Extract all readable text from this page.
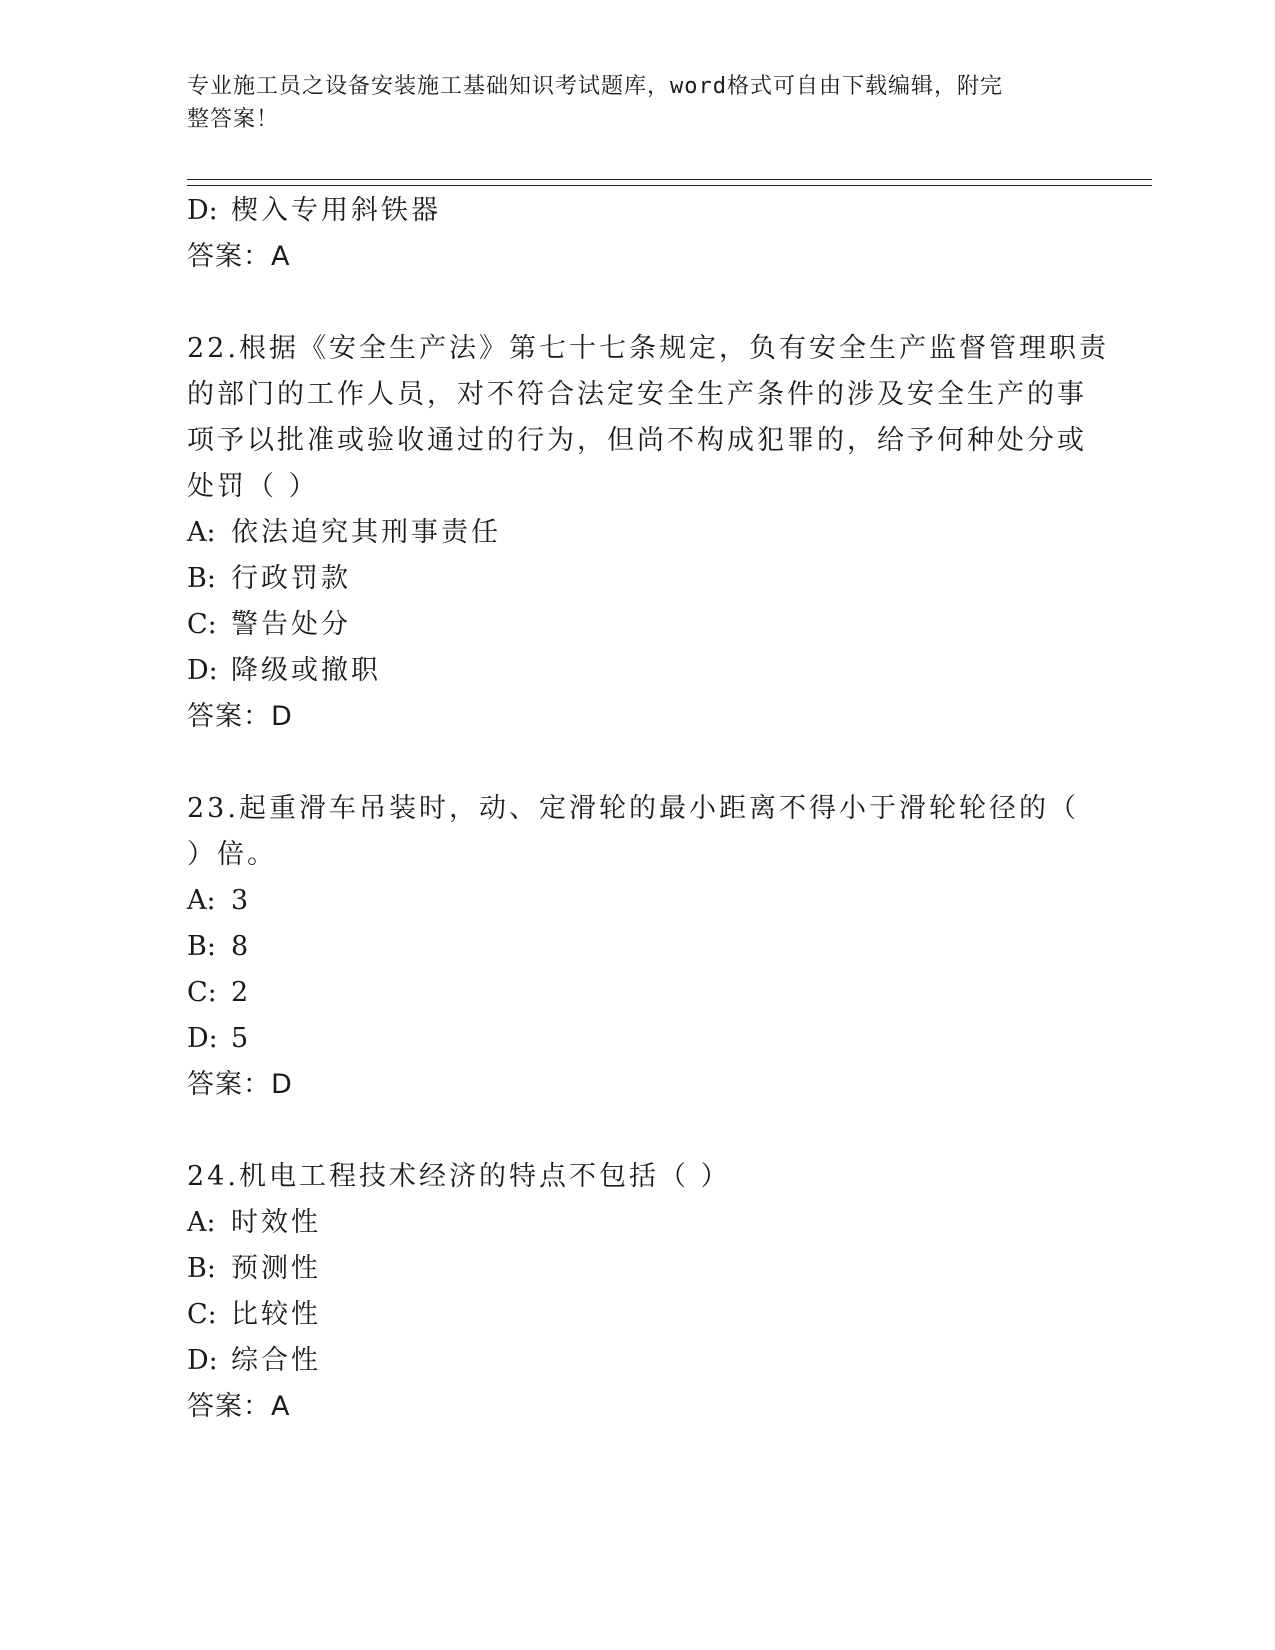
专业施工员之设备安装施工基础知识考试题库，word格式可自由下载编辑，附完
整答案！
D: 楔入专用斜铁器
答案：A
22.根据《安全生产法》第七十七条规定，负有安全生产监督管理职责
的部门的工作人员，对不符合法定安全生产条件的涉及安全生产的事
项予以批准或验收通过的行为，但尚不构成犯罪的，给予何种处分或
处罚（ ）
A: 依法追究其刑事责任
B: 行政罚款
C: 警告处分
D: 降级或撤职
答案：D
23.起重滑车吊装时，动、定滑轮的最小距离不得小于滑轮轮径的（
）倍。
A: 3
B: 8
C: 2
D: 5
答案：D
24.机电工程技术经济的特点不包括（ ）
A: 时效性
B: 预测性
C: 比较性
D: 综合性
答案：A
